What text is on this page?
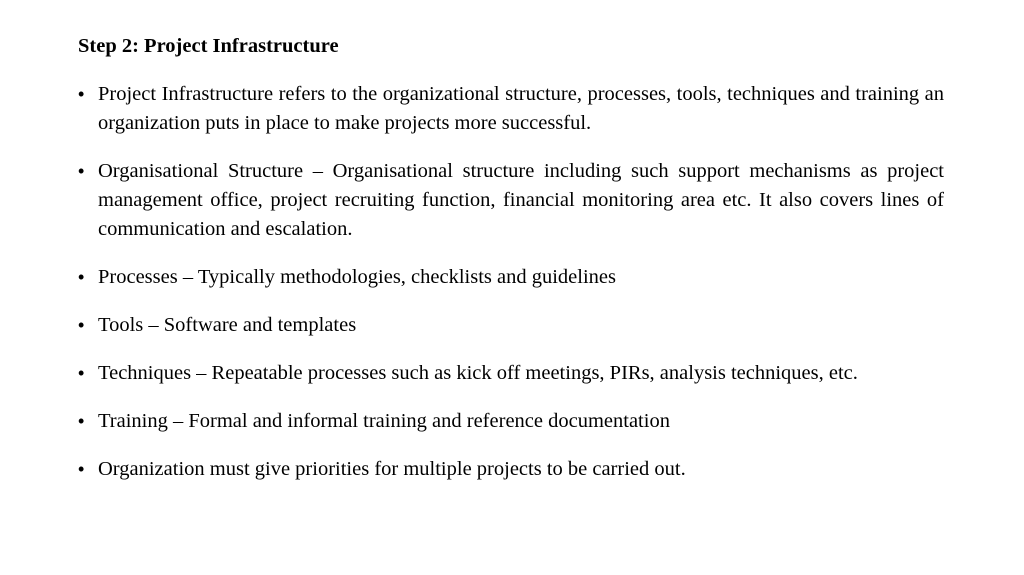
Step 2: Project Infrastructure
• Project Infrastructure refers to the organizational structure, processes, tools, techniques and training an organization puts in place to make projects more successful.
• Organisational Structure – Organisational structure including such support mechanisms as project management office, project recruiting function, financial monitoring area etc. It also covers lines of communication and escalation.
• Processes – Typically methodologies, checklists and guidelines
• Tools – Software and templates
• Techniques – Repeatable processes such as kick off meetings, PIRs, analysis techniques, etc.
• Training – Formal and informal training and reference documentation
• Organization must give priorities for multiple projects to be carried out.
